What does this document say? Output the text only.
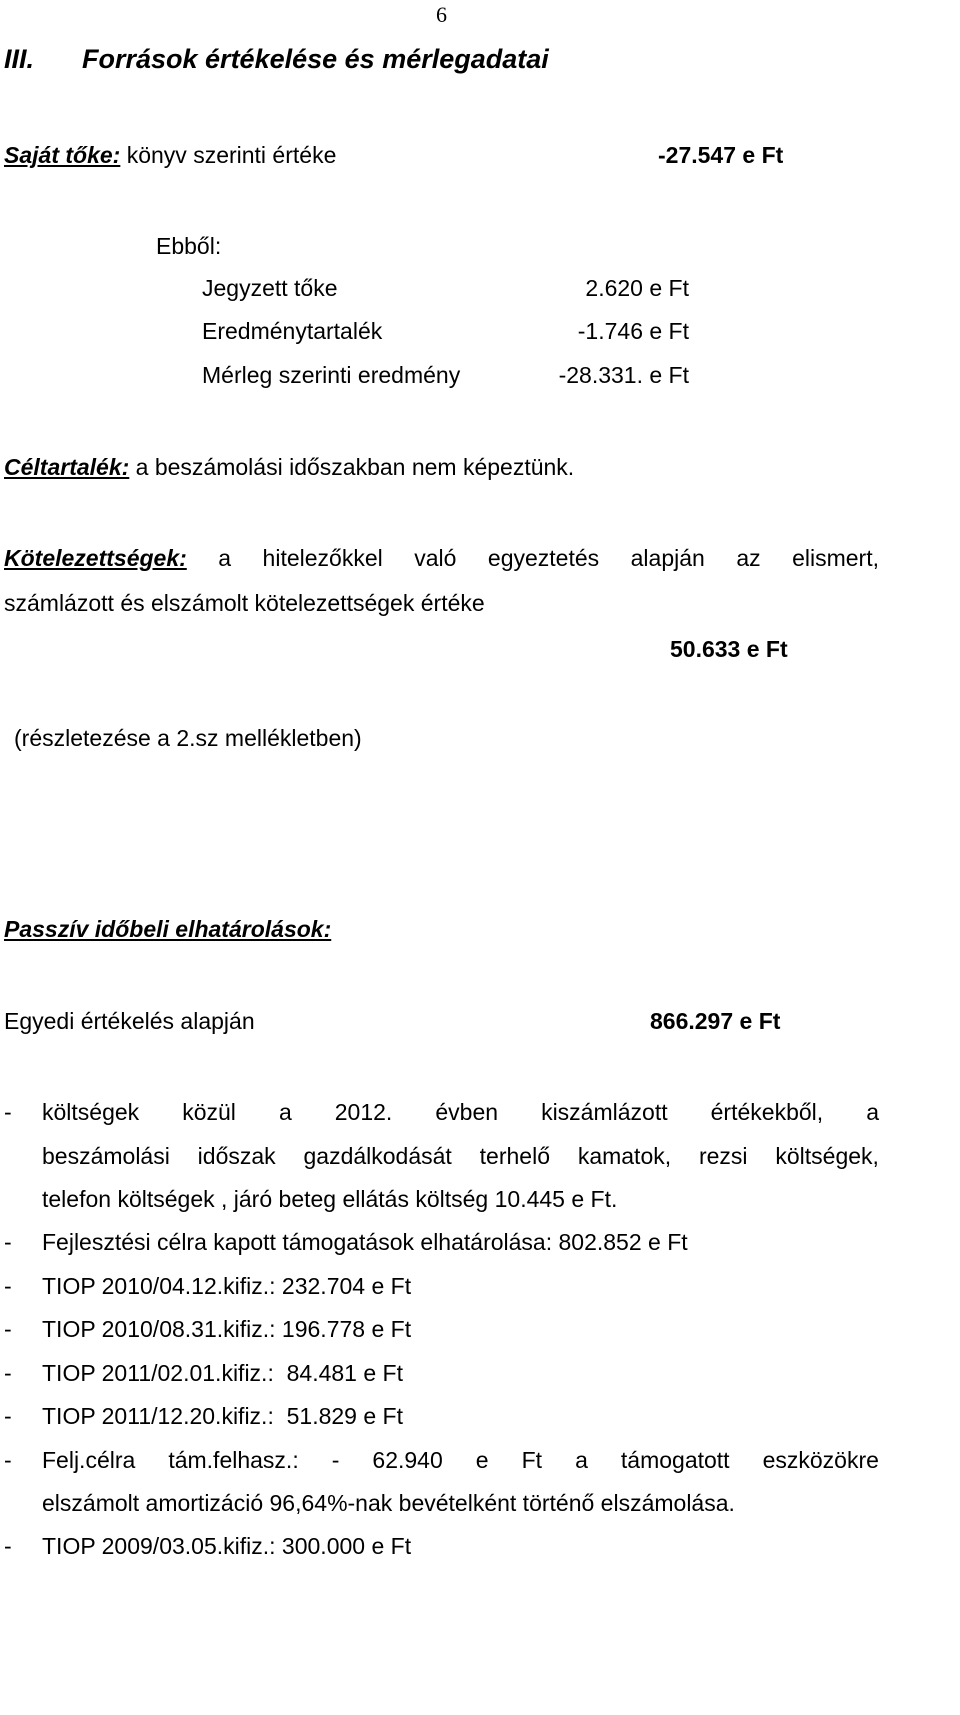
6
III. Források értékelése és mérlegadatai
Saját tőke: könyv szerinti értéke	-27.547 e Ft
Ebből:
Jegyzett tőke	2.620 e Ft
Eredménytartalék	-1.746 e Ft
Mérleg szerinti eredmény	-28.331. e Ft
Céltartalék: a beszámolási időszakban nem képeztünk.
Kötelezettségek: a hitelezőkkel való egyeztetés alapján az elismert,
számlázott és elszámolt kötelezettségek értéke
50.633 e Ft
(részletezése a 2.sz mellékletben)
Passzív időbeli elhatárolások:
Egyedi értékelés alapján	866.297 e Ft
- költségek közül a 2012. évben kiszámlázott értékekből, a
beszámolási időszak gazdálkodását terhelő kamatok, rezsi költségek,
telefon költségek , járó beteg ellátás költség 10.445 e Ft.
- Fejlesztési célra kapott támogatások elhatárolása: 802.852 e Ft
- TIOP 2010/04.12.kifiz.: 232.704 e Ft
- TIOP 2010/08.31.kifiz.: 196.778 e Ft
- TIOP 2011/02.01.kifiz.:  84.481 e Ft
- TIOP 2011/12.20.kifiz.:  51.829 e Ft
- Felj.célra tám.felhasz.: - 62.940 e Ft a támogatott eszközökre
elszámolt amortizáció 96,64%-nak bevételként történő elszámolása.
- TIOP 2009/03.05.kifiz.: 300.000 e Ft
